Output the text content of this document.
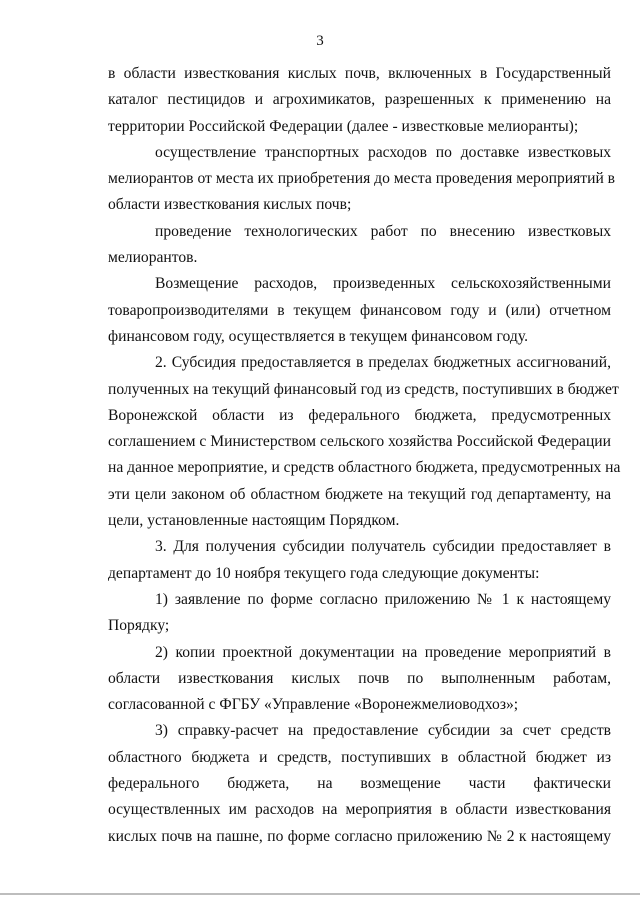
3
в области известкования кислых почв, включенных в Государственный
каталог пестицидов и агрохимикатов, разрешенных к применению на
территории Российской Федерации (далее - известковые мелиоранты);
осуществление транспортных расходов по доставке известковых
мелиорантов от места их приобретения до места проведения мероприятий в
области известкования кислых почв;
проведение технологических работ по внесению известковых
мелиорантов.
Возмещение расходов, произведенных сельскохозяйственными
товаропроизводителями в текущем финансовом году и (или) отчетном
финансовом году, осуществляется в текущем финансовом году.
2. Субсидия предоставляется в пределах бюджетных ассигнований,
полученных на текущий финансовый год из средств, поступивших в бюджет
Воронежской области из федерального бюджета, предусмотренных
соглашением с Министерством сельского хозяйства Российской Федерации
на данное мероприятие, и средств областного бюджета, предусмотренных на
эти цели законом об областном бюджете на текущий год департаменту, на
цели, установленные настоящим Порядком.
3. Для получения субсидии получатель субсидии предоставляет в
департамент до 10 ноября текущего года следующие документы:
1) заявление по форме согласно приложению № 1 к настоящему
Порядку;
2) копии проектной документации на проведение мероприятий в
области известкования кислых почв по выполненным работам,
согласованной с ФГБУ «Управление «Воронежмелиоводхоз»;
3) справку-расчет на предоставление субсидии за счет средств
областного бюджета и средств, поступивших в областной бюджет из
федерального бюджета, на возмещение части фактически
осуществленных им расходов на мероприятия в области известкования
кислых почв на пашне, по форме согласно приложению № 2 к настоящему
